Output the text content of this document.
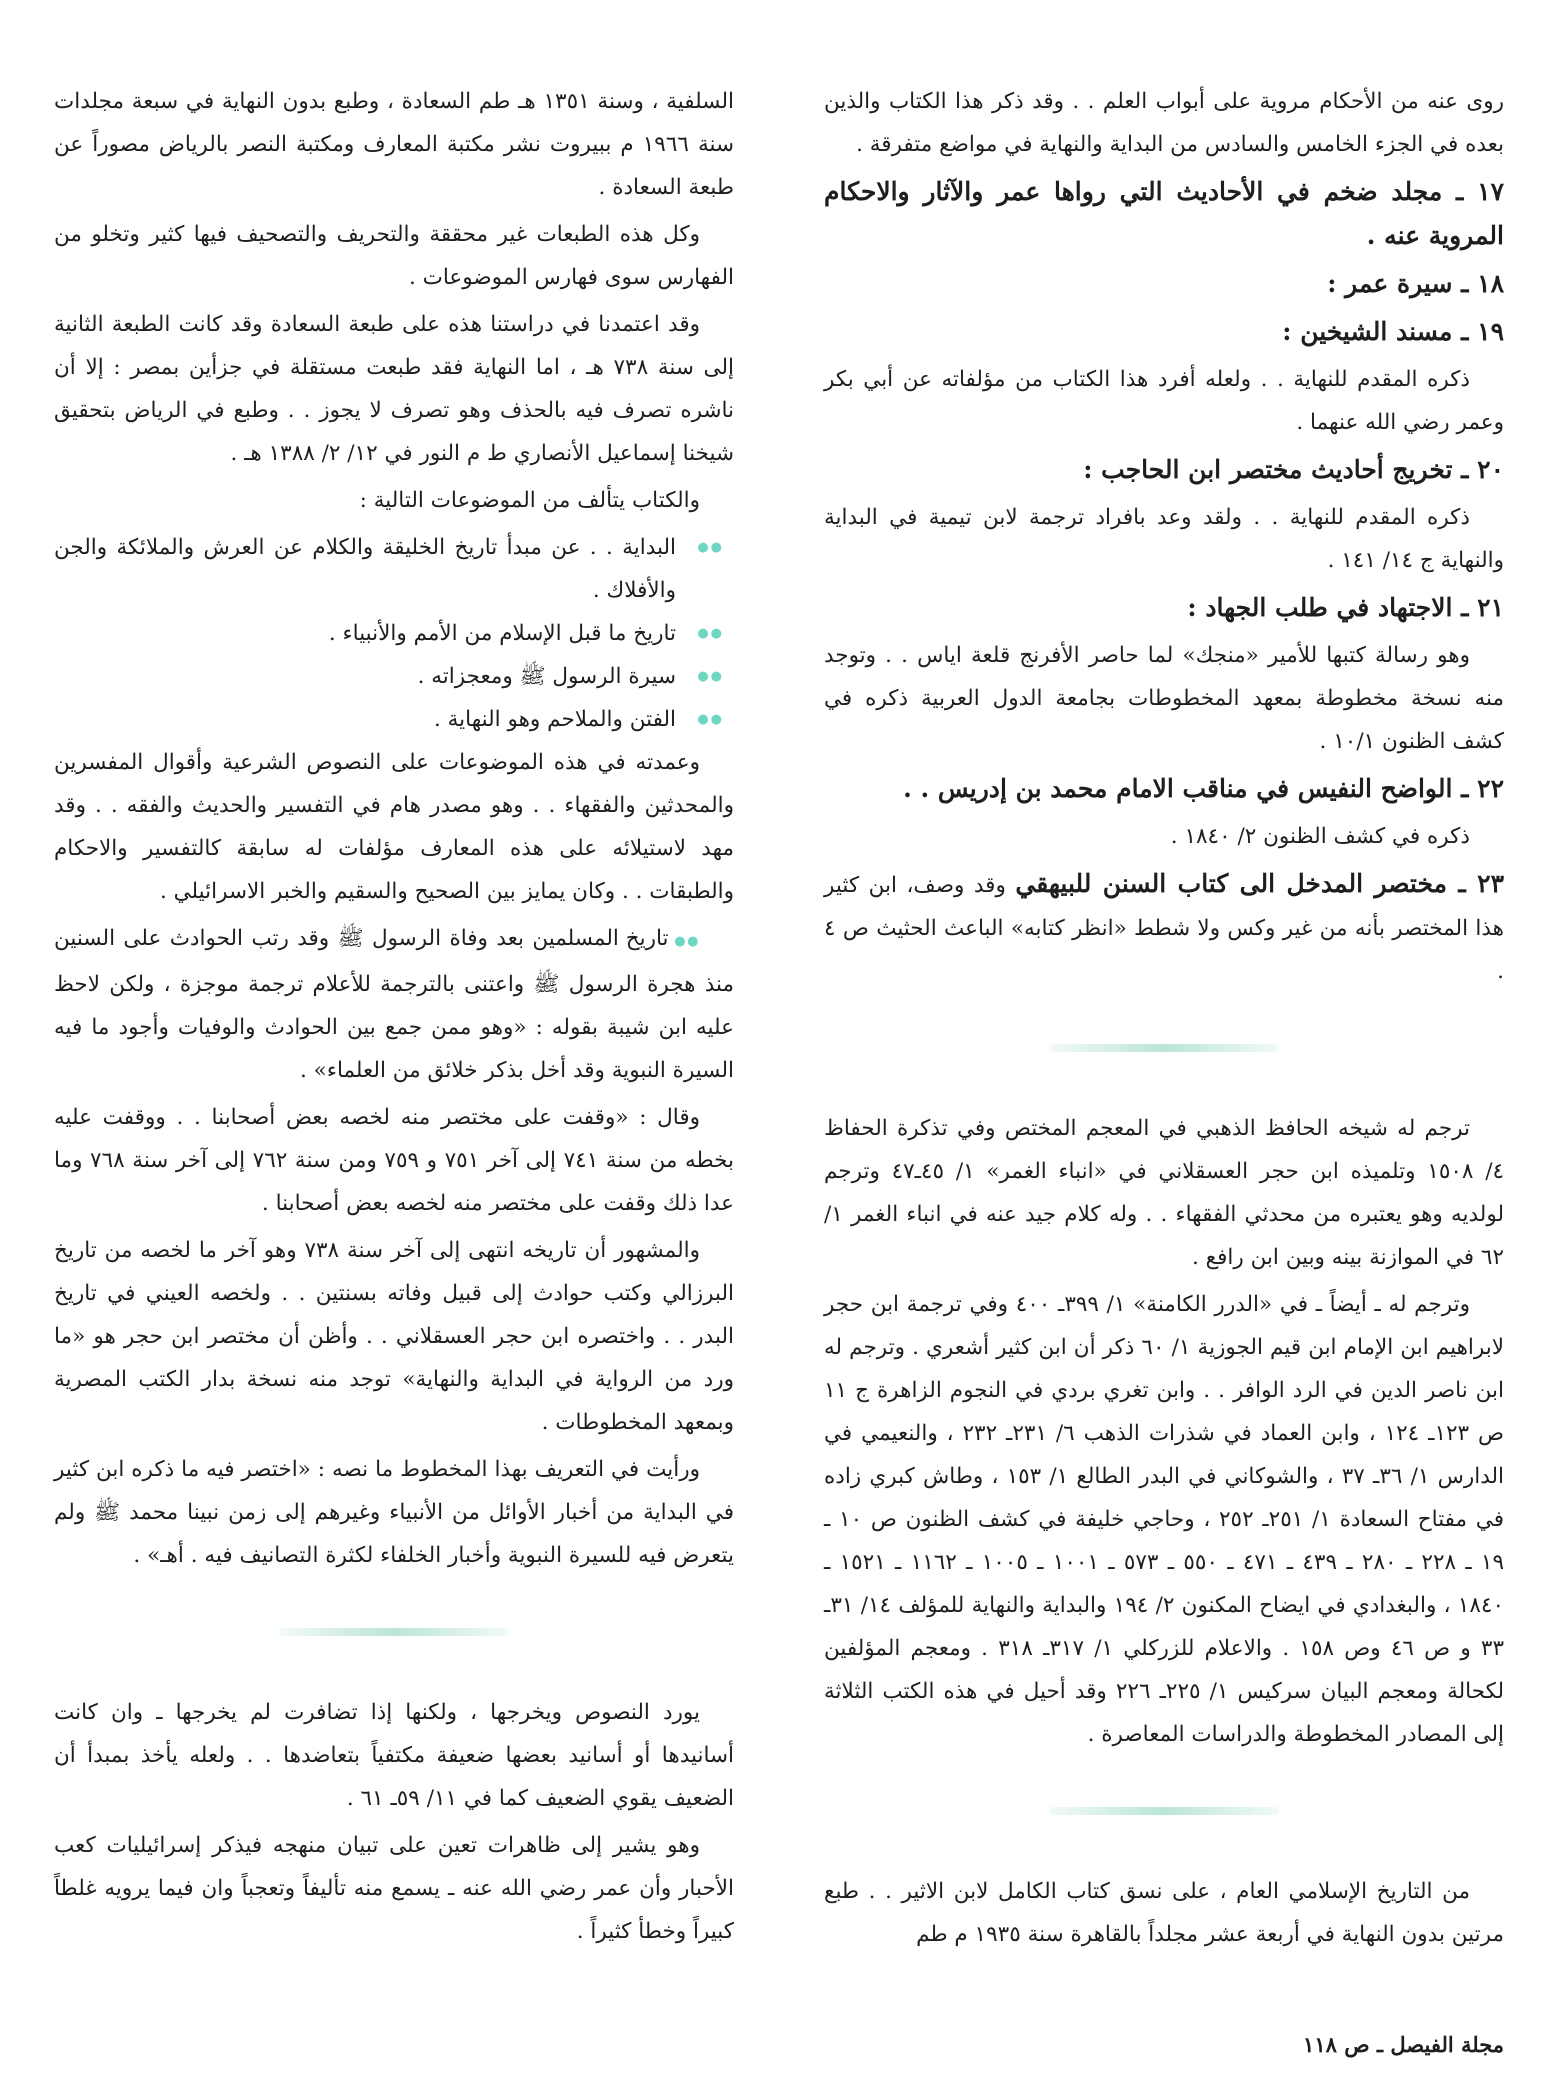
روى عنه من الأحكام مروية على أبواب العلم . . وقد ذكر هذا الكتاب والذين بعده في الجزء الخامس والسادس من البداية والنهاية في مواضع متفرقة .

١٧ ـ مجلد ضخم في الأحاديث التي رواها عمر والآثار والاحكام المروية عنه .

١٨ ـ سيرة عمر :

١٩ ـ مسند الشيخين :

ذكره المقدم للنهاية . . ولعله أفرد هذا الكتاب من مؤلفاته عن أبي بكر وعمر رضي الله عنهما .

٢٠ ـ تخريج أحاديث مختصر ابن الحاجب :

ذكره المقدم للنهاية . . ولقد وعد بافراد ترجمة لابن تيمية في البداية والنهاية ج ١٤/ ١٤١ .

٢١ ـ الاجتهاد في طلب الجهاد :

وهو رسالة كتبها للأمير «منجك» لما حاصر الأفرنج قلعة اياس . . وتوجد منه نسخة مخطوطة بمعهد المخطوطات بجامعة الدول العربية ذكره في كشف الظنون ١٠/١ .

٢٢ ـ الواضح النفيس في مناقب الامام محمد بن إدريس . .

ذكره في كشف الظنون ٢/ ١٨٤٠ .

٢٣ ـ مختصر المدخل الى كتاب السنن للبيهقي وقد وصف، ابن كثير هذا المختصر بأنه من غير وكس ولا شطط «انظر كتابه» الباعث الحثيث ص ٤ .

ترجم له شيخه الحافظ الذهبي في المعجم المختص وفي تذكرة الحفاظ ٤/ ١٥٠٨ وتلميذه ابن حجر العسقلاني في «انباء الغمر» ١/ ٤٥ـ٤٧ وترجم لولديه وهو يعتبره من محدثي الفقهاء . . وله كلام جيد عنه في انباء الغمر ١/ ٦٢ في الموازنة بينه وبين ابن رافع .

وترجم له ـ أيضاً ـ في «الدرر الكامنة» ١/ ٣٩٩ـ ٤٠٠ وفي ترجمة ابن حجر لابراهيم ابن الإمام ابن قيم الجوزية ١/ ٦٠ ذكر أن ابن كثير أشعري . وترجم له ابن ناصر الدين في الرد الوافر . . وابن تغري بردي في النجوم الزاهرة ج ١١ ص ١٢٣ـ ١٢٤ ، وابن العماد في شذرات الذهب ٦/ ٢٣١ـ ٢٣٢ ، والنعيمي في الدارس ١/ ٣٦ـ ٣٧ ، والشوكاني في البدر الطالع ١/ ١٥٣ ، وطاش كبري زاده في مفتاح السعادة ١/ ٢٥١ـ ٢٥٢ ، وحاجي خليفة في كشف الظنون ص ١٠ ـ ١٩ ـ ٢٢٨ ـ ٢٨٠ ـ ٤٣٩ ـ ٤٧١ ـ ٥٥٠ ـ ٥٧٣ ـ ١٠٠١ ـ ١٠٠٥ ـ ١١٦٢ ـ ١٥٢١ ـ ١٨٤٠ ، والبغدادي في ايضاح المكنون ٢/ ١٩٤ والبداية والنهاية للمؤلف ١٤/ ٣١ـ ٣٣ و ص ٤٦ وص ١٥٨ . والاعلام للزركلي ١/ ٣١٧ـ ٣١٨ . ومعجم المؤلفين لكحالة ومعجم البيان سركيس ١/ ٢٢٥ـ ٢٢٦ وقد أحيل في هذه الكتب الثلاثة إلى المصادر المخطوطة والدراسات المعاصرة .

من التاريخ الإسلامي العام ، على نسق كتاب الكامل لابن الاثير . . طبع مرتين بدون النهاية في أربعة عشر مجلداً بالقاهرة سنة ١٩٣٥ م طم

السلفية ، وسنة ١٣٥١ هـ طم السعادة ، وطبع بدون النهاية في سبعة مجلدات سنة ١٩٦٦ م ببيروت نشر مكتبة المعارف ومكتبة النصر بالرياض مصوراً عن طبعة السعادة .

وكل هذه الطبعات غير محققة والتحريف والتصحيف فيها كثير وتخلو من الفهارس سوى فهارس الموضوعات .

وقد اعتمدنا في دراستنا هذه على طبعة السعادة وقد كانت الطبعة الثانية إلى سنة ٧٣٨ هـ ، اما النهاية فقد طبعت مستقلة في جزأين بمصر : إلا أن ناشره تصرف فيه بالحذف وهو تصرف لا يجوز . . وطبع في الرياض بتحقيق شيخنا إسماعيل الأنصاري ط م النور في ١٢/ ٢/ ١٣٨٨ هـ .

والكتاب يتألف من الموضوعات التالية :

●●
البداية . . عن مبدأ تاريخ الخليقة والكلام عن العرش والملائكة والجن والأفلاك .
●●
تاريخ ما قبل الإسلام من الأمم والأنبياء .
●●
سيرة الرسول ﷺ ومعجزاته .
●●
الفتن والملاحم وهو النهاية .

وعمدته في هذه الموضوعات على النصوص الشرعية وأقوال المفسرين والمحدثين والفقهاء . . وهو مصدر هام في التفسير والحديث والفقه . . وقد مهد لاستيلائه على هذه المعارف مؤلفات له سابقة كالتفسير والاحكام والطبقات . . وكان يمايز بين الصحيح والسقيم والخبر الاسرائيلي .

●● تاريخ المسلمين بعد وفاة الرسول ﷺ وقد رتب الحوادث على السنين منذ هجرة الرسول ﷺ واعتنى بالترجمة للأعلام ترجمة موجزة ، ولكن لاحظ عليه ابن شيبة بقوله : «وهو ممن جمع بين الحوادث والوفيات وأجود ما فيه السيرة النبوية وقد أخل بذكر خلائق من العلماء» .

وقال : «وقفت على مختصر منه لخصه بعض أصحابنا . . ووقفت عليه بخطه من سنة ٧٤١ إلى آخر ٧٥١ و ٧٥٩ ومن سنة ٧٦٢ إلى آخر سنة ٧٦٨ وما عدا ذلك وقفت على مختصر منه لخصه بعض أصحابنا .

والمشهور أن تاريخه انتهى إلى آخر سنة ٧٣٨ وهو آخر ما لخصه من تاريخ البرزالي وكتب حوادث إلى قبيل وفاته بسنتين . . ولخصه العيني في تاريخ البدر . . واختصره ابن حجر العسقلاني . . وأظن أن مختصر ابن حجر هو «ما ورد من الرواية في البداية والنهاية» توجد منه نسخة بدار الكتب المصرية وبمعهد المخطوطات .

ورأيت في التعريف بهذا المخطوط ما نصه : «اختصر فيه ما ذكره ابن كثير في البداية من أخبار الأوائل من الأنبياء وغيرهم إلى زمن نبينا محمد ﷺ ولم يتعرض فيه للسيرة النبوية وأخبار الخلفاء لكثرة التصانيف فيه . أهـ» .

يورد النصوص ويخرجها ، ولكنها إذا تضافرت لم يخرجها ـ وان كانت أسانيدها أو أسانيد بعضها ضعيفة مكتفياً بتعاضدها . . ولعله يأخذ بمبدأ أن الضعيف يقوي الضعيف كما في ١١/ ٥٩ـ ٦١ .

وهو يشير إلى ظاهرات تعين على تبيان منهجه فيذكر إسرائيليات كعب الأحبار وأن عمر رضي الله عنه ـ يسمع منه تأليفاً وتعجباً وان فيما يرويه غلطاً كبيراً وخطأ كثيراً .

مجلة الفيصل ـ ص ١١٨
